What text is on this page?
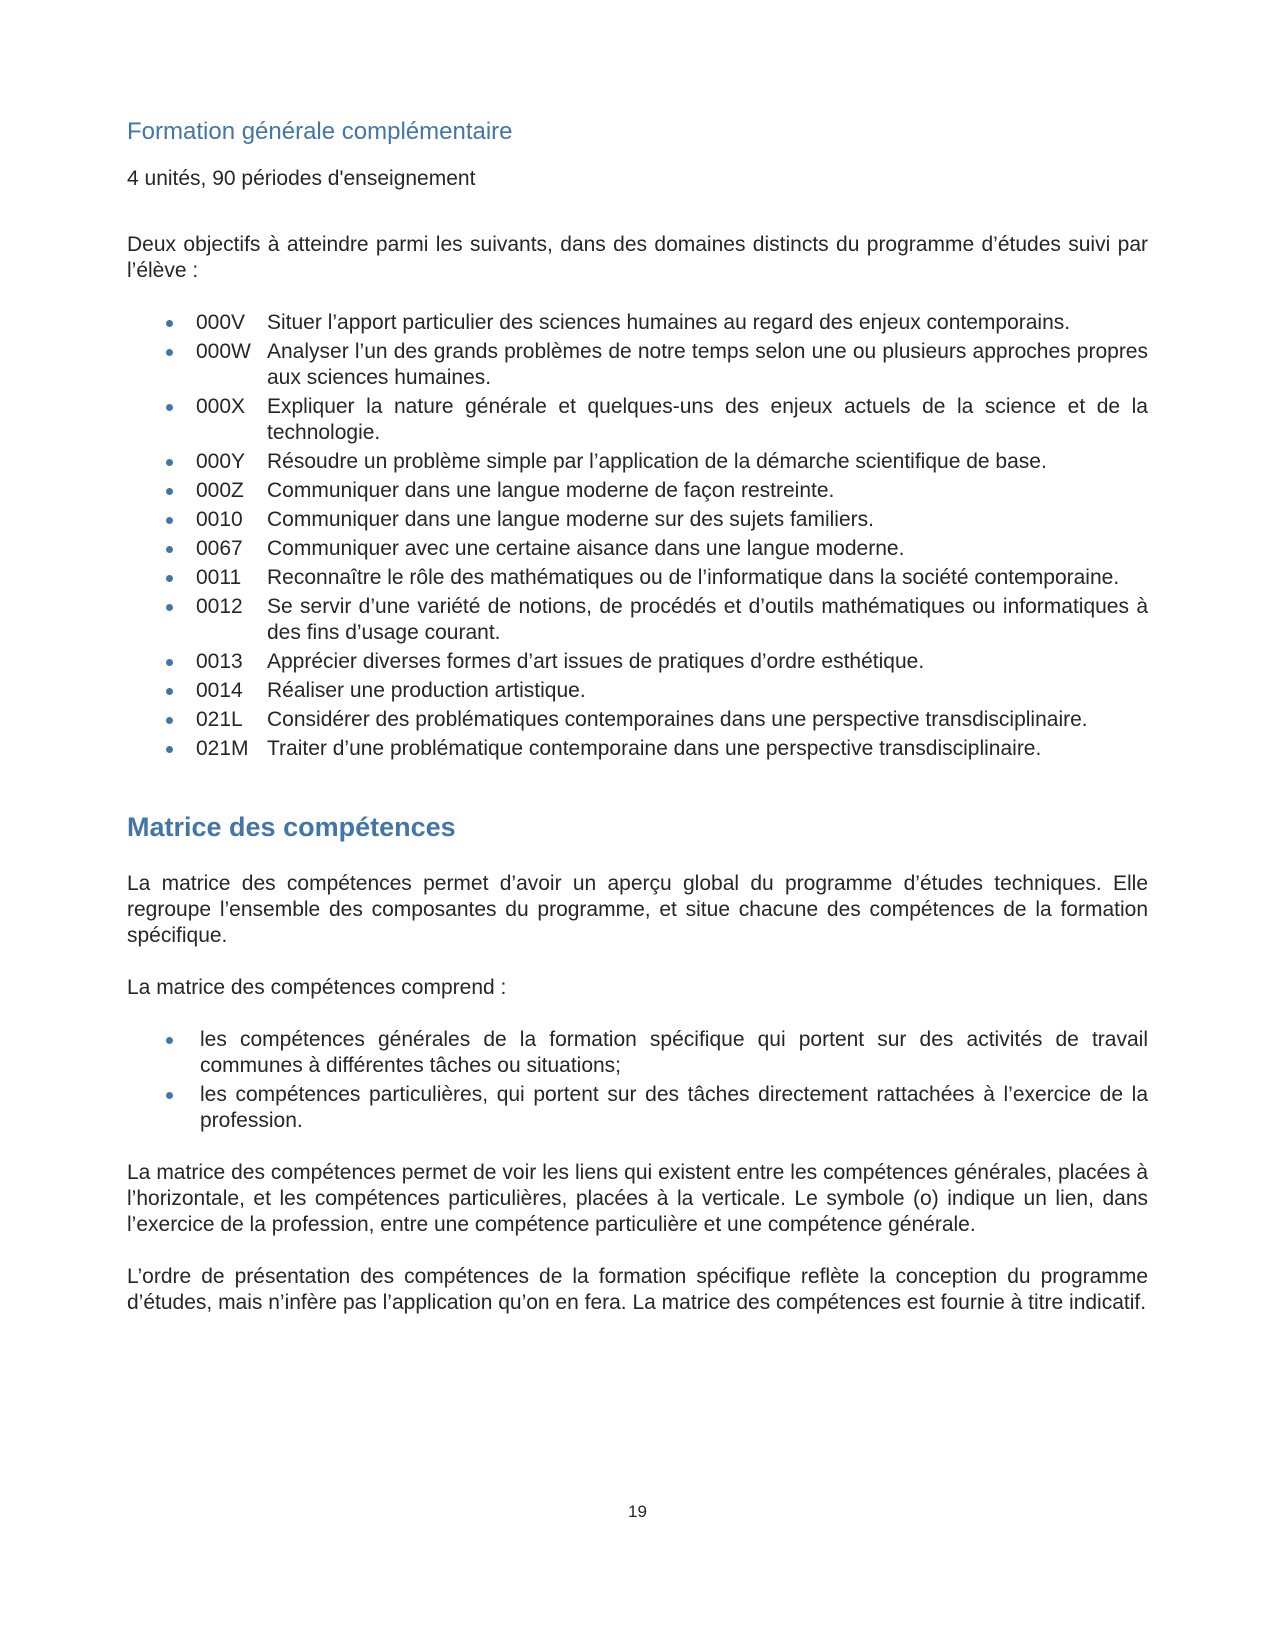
Formation générale complémentaire
4 unités, 90 périodes d'enseignement

Deux objectifs à atteindre parmi les suivants, dans des domaines distincts du programme d’études suivi par l’élève :

000V	Situer l’apport particulier des sciences humaines au regard des enjeux contemporains.
000W Analyser l’un des grands problèmes de notre temps selon une ou plusieurs approches propres aux sciences humaines.
000X	Expliquer la nature générale et quelques-uns des enjeux actuels de la science et de la technologie.
000Y	Résoudre un problème simple par l’application de la démarche scientifique de base.
000Z	Communiquer dans une langue moderne de façon restreinte.
0010	Communiquer dans une langue moderne sur des sujets familiers.
0067	Communiquer avec une certaine aisance dans une langue moderne.
0011	Reconnaître le rôle des mathématiques ou de l’informatique dans la société contemporaine.
0012	Se servir d’une variété de notions, de procédés et d’outils mathématiques ou informatiques à des fins d’usage courant.
0013	Apprécier diverses formes d’art issues de pratiques d’ordre esthétique.
0014	Réaliser une production artistique.
021L	Considérer des problématiques contemporaines dans une perspective transdisciplinaire.
021M Traiter d’une problématique contemporaine dans une perspective transdisciplinaire.
Matrice des compétences

La matrice des compétences permet d’avoir un aperçu global du programme d’études techniques. Elle regroupe l’ensemble des composantes du programme, et situe chacune des compétences de la formation spécifique.

La matrice des compétences comprend :

les compétences générales de la formation spécifique qui portent sur des activités de travail communes à différentes tâches ou situations;
les compétences particulières, qui portent sur des tâches directement rattachées à l’exercice de la profession.

La matrice des compétences permet de voir les liens qui existent entre les compétences générales, placées à l’horizontale, et les compétences particulières, placées à la verticale. Le symbole (o) indique un lien, dans l’exercice de la profession, entre une compétence particulière et une compétence générale.

L’ordre de présentation des compétences de la formation spécifique reflète la conception du programme d’études, mais n’infère pas l’application qu’on en fera. La matrice des compétences est fournie à titre indicatif.

19
